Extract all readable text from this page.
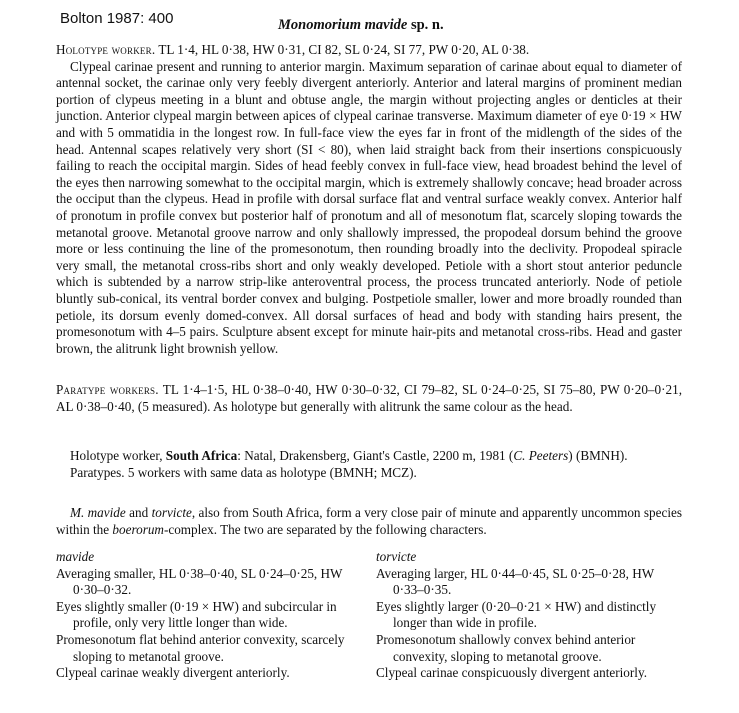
Bolton 1987: 400	Monomorium mavide sp. n.

Holotype worker. TL 1·4, HL 0·38, HW 0·31, CI 82, SL 0·24, SI 77, PW 0·20, AL 0·38.

Clypeal carinae present and running to anterior margin. Maximum separation of carinae about equal to diameter of antennal socket, the carinae only very feebly divergent anteriorly. Anterior and lateral margins of prominent median portion of clypeus meeting in a blunt and obtuse angle, the margin without projecting angles or denticles at their junction. Anterior clypeal margin between apices of clypeal carinae transverse. Maximum diameter of eye 0·19 × HW and with 5 ommatidia in the longest row. In full-face view the eyes far in front of the midlength of the sides of the head. Antennal scapes relatively very short (SI < 80), when laid straight back from their insertions conspicuously failing to reach the occipital margin. Sides of head feebly convex in full-face view, head broadest behind the level of the eyes then narrowing somewhat to the occipital margin, which is extremely shallowly concave; head broader across the occiput than the clypeus. Head in profile with dorsal surface flat and ventral surface weakly convex. Anterior half of pronotum in profile convex but posterior half of pronotum and all of mesonotum flat, scarcely sloping towards the metanotal groove. Metanotal groove narrow and only shallowly impressed, the propodeal dorsum behind the groove more or less continuing the line of the promesonotum, then rounding broadly into the declivity. Propodeal spiracle very small, the metanotal cross-ribs short and only weakly developed. Petiole with a short stout anterior peduncle which is subtended by a narrow strip-like anteroventral process, the process truncated anteriorly. Node of petiole bluntly sub-conical, its ventral border convex and bulging. Postpetiole smaller, lower and more broadly rounded than petiole, its dorsum evenly domed-convex. All dorsal surfaces of head and body with standing hairs present, the promesonotum with 4–5 pairs. Sculpture absent except for minute hair-pits and metanotal cross-ribs. Head and gaster brown, the alitrunk light brownish yellow.

Paratype workers. TL 1·4–1·5, HL 0·38–0·40, HW 0·30–0·32, CI 79–82, SL 0·24–0·25, SI 75–80, PW 0·20–0·21, AL 0·38–0·40, (5 measured). As holotype but generally with alitrunk the same colour as the head.

Holotype worker, South Africa: Natal, Drakensberg, Giant's Castle, 2200 m, 1981 (C. Peeters) (BMNH).

Paratypes. 5 workers with same data as holotype (BMNH; MCZ).

M. mavide and torvicte, also from South Africa, form a very close pair of minute and apparently uncommon species within the boerorum-complex. The two are separated by the following characters.

mavide
Averaging smaller, HL 0·38–0·40, SL 0·24–0·25, HW 0·30–0·32.
Eyes slightly smaller (0·19 × HW) and subcircular in profile, only very little longer than wide.
Promesonotum flat behind anterior convexity, scarcely sloping to metanotal groove.
Clypeal carinae weakly divergent anteriorly.
torvicte
Averaging larger, HL 0·44–0·45, SL 0·25–0·28, HW 0·33–0·35.
Eyes slightly larger (0·20–0·21 × HW) and distinctly longer than wide in profile.
Promesonotum shallowly convex behind anterior convexity, sloping to metanotal groove.
Clypeal carinae conspicuously divergent anteriorly.
